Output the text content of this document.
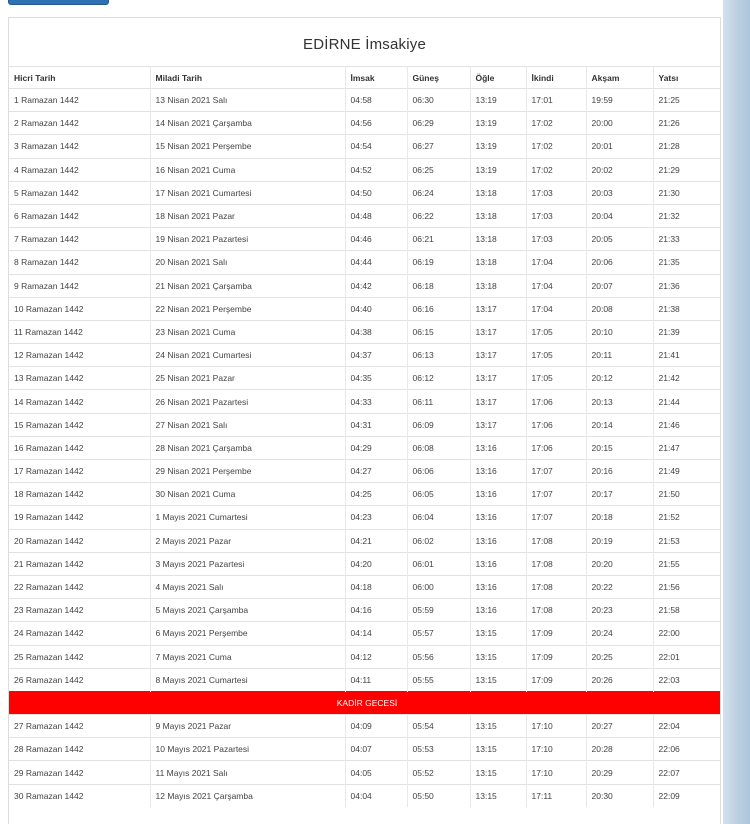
EDİRNE İmsakiye
Hicri Tarih	Miladi Tarih	İmsak	Güneş	Öğle	İkindi	Akşam	Yatsı
1 Ramazan 1442	13 Nisan 2021 Salı	04:58	06:30	13:19	17:01	19:59	21:25
2 Ramazan 1442	14 Nisan 2021 Çarşamba	04:56	06:29	13:19	17:02	20:00	21:26
3 Ramazan 1442	15 Nisan 2021 Perşembe	04:54	06:27	13:19	17:02	20:01	21:28
4 Ramazan 1442	16 Nisan 2021 Cuma	04:52	06:25	13:19	17:02	20:02	21:29
5 Ramazan 1442	17 Nisan 2021 Cumartesi	04:50	06:24	13:18	17:03	20:03	21:30
6 Ramazan 1442	18 Nisan 2021 Pazar	04:48	06:22	13:18	17:03	20:04	21:32
7 Ramazan 1442	19 Nisan 2021 Pazartesi	04:46	06:21	13:18	17:03	20:05	21:33
8 Ramazan 1442	20 Nisan 2021 Salı	04:44	06:19	13:18	17:04	20:06	21:35
9 Ramazan 1442	21 Nisan 2021 Çarşamba	04:42	06:18	13:18	17:04	20:07	21:36
10 Ramazan 1442	22 Nisan 2021 Perşembe	04:40	06:16	13:17	17:04	20:08	21:38
11 Ramazan 1442	23 Nisan 2021 Cuma	04:38	06:15	13:17	17:05	20:10	21:39
12 Ramazan 1442	24 Nisan 2021 Cumartesi	04:37	06:13	13:17	17:05	20:11	21:41
13 Ramazan 1442	25 Nisan 2021 Pazar	04:35	06:12	13:17	17:05	20:12	21:42
14 Ramazan 1442	26 Nisan 2021 Pazartesi	04:33	06:11	13:17	17:06	20:13	21:44
15 Ramazan 1442	27 Nisan 2021 Salı	04:31	06:09	13:17	17:06	20:14	21:46
16 Ramazan 1442	28 Nisan 2021 Çarşamba	04:29	06:08	13:16	17:06	20:15	21:47
17 Ramazan 1442	29 Nisan 2021 Perşembe	04:27	06:06	13:16	17:07	20:16	21:49
18 Ramazan 1442	30 Nisan 2021 Cuma	04:25	06:05	13:16	17:07	20:17	21:50
19 Ramazan 1442	1 Mayıs 2021 Cumartesi	04:23	06:04	13:16	17:07	20:18	21:52
20 Ramazan 1442	2 Mayıs 2021 Pazar	04:21	06:02	13:16	17:08	20:19	21:53
21 Ramazan 1442	3 Mayıs 2021 Pazartesi	04:20	06:01	13:16	17:08	20:20	21:55
22 Ramazan 1442	4 Mayıs 2021 Salı	04:18	06:00	13:16	17:08	20:22	21:56
23 Ramazan 1442	5 Mayıs 2021 Çarşamba	04:16	05:59	13:16	17:08	20:23	21:58
24 Ramazan 1442	6 Mayıs 2021 Perşembe	04:14	05:57	13:15	17:09	20:24	22:00
25 Ramazan 1442	7 Mayıs 2021 Cuma	04:12	05:56	13:15	17:09	20:25	22:01
26 Ramazan 1442	8 Mayıs 2021 Cumartesi	04:11	05:55	13:15	17:09	20:26	22:03
KADİR GECESİ							
27 Ramazan 1442	9 Mayıs 2021 Pazar	04:09	05:54	13:15	17:10	20:27	22:04
28 Ramazan 1442	10 Mayıs 2021 Pazartesi	04:07	05:53	13:15	17:10	20:28	22:06
29 Ramazan 1442	11 Mayıs 2021 Salı	04:05	05:52	13:15	17:10	20:29	22:07
30 Ramazan 1442	12 Mayıs 2021 Çarşamba	04:04	05:50	13:15	17:11	20:30	22:09
